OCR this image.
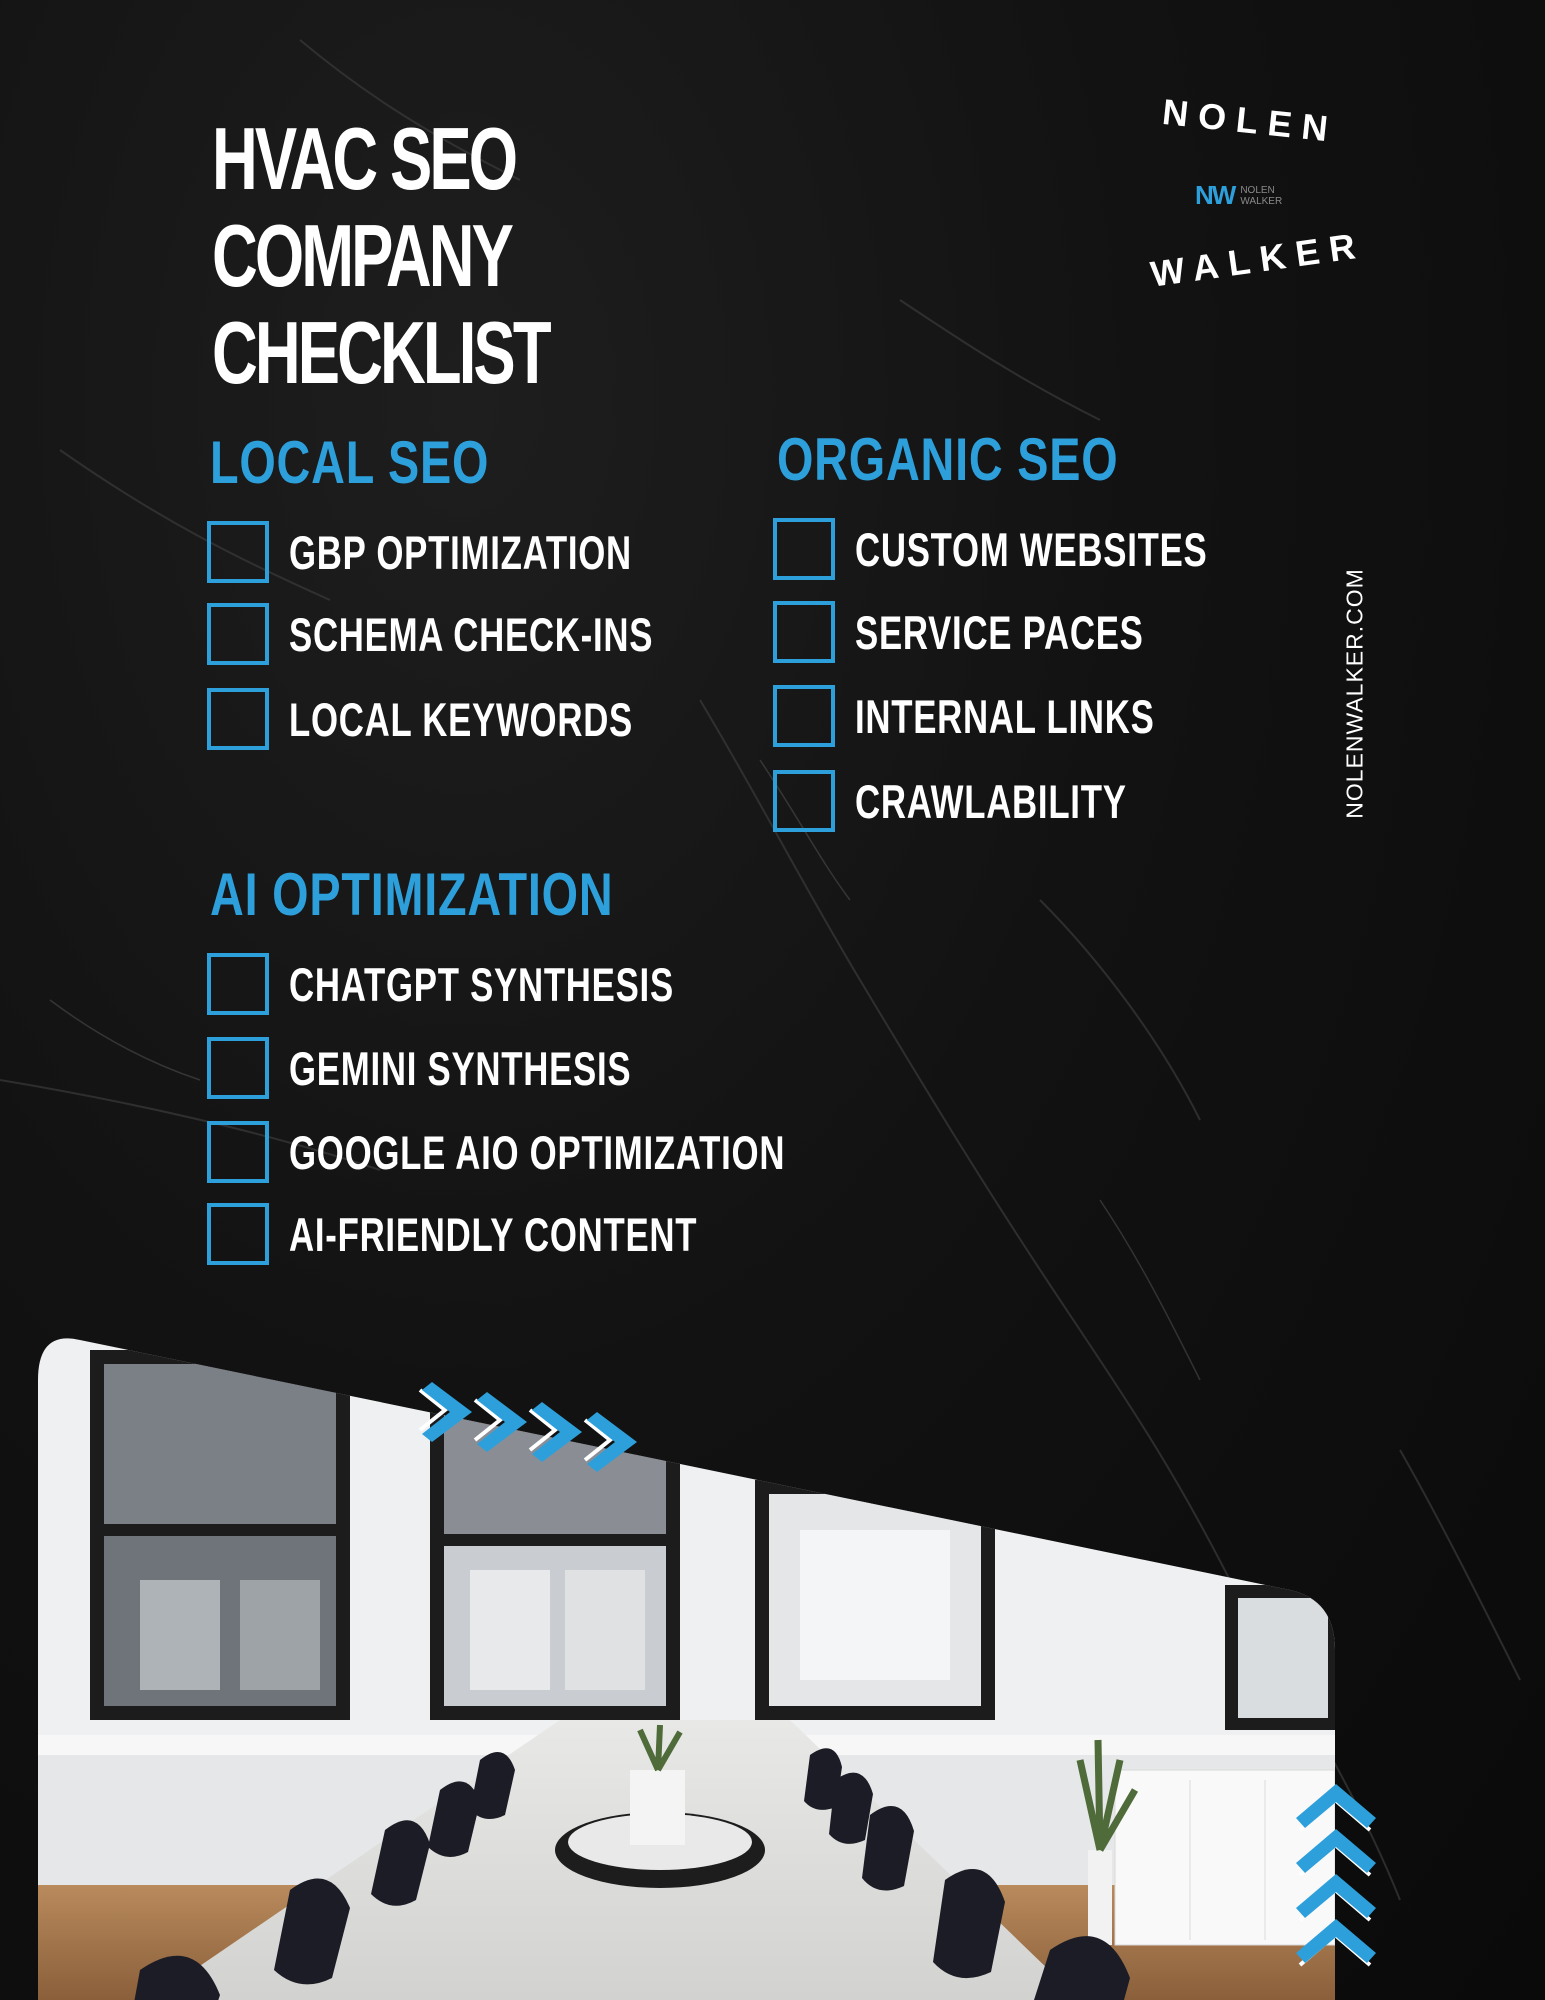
HVAC SEO
COMPANY
CHECKLIST
NOLEN
NW NOLEN
WALKER
WALKER
NOLENWALKER.COM
LOCAL SEO
GBP OPTIMIZATION
SCHEMA CHECK-INS
LOCAL KEYWORDS
ORGANIC SEO
CUSTOM WEBSITES
SERVICE PACES
INTERNAL LINKS
CRAWLABILITY
AI OPTIMIZATION
CHATGPT SYNTHESIS
GEMINI SYNTHESIS
GOOGLE AIO OPTIMIZATION
AI-FRIENDLY CONTENT
